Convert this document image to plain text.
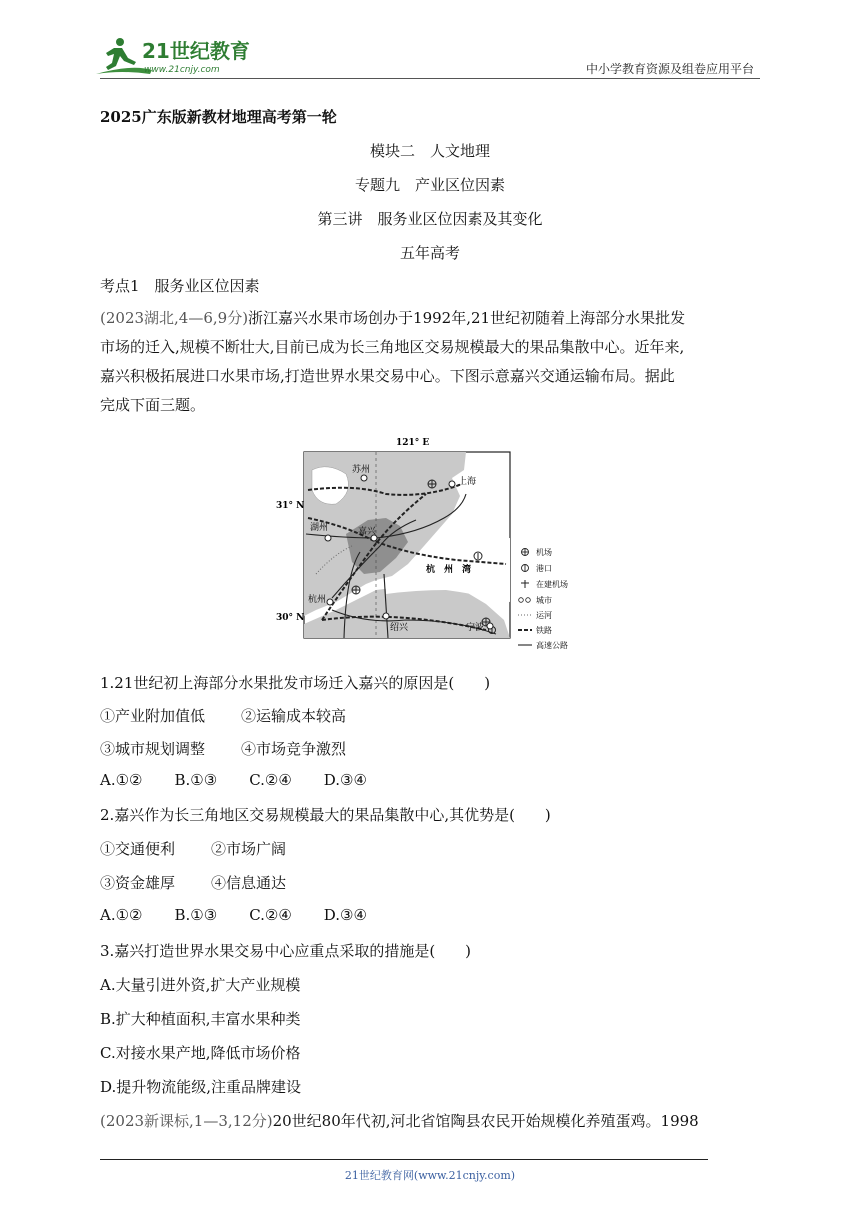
21世纪教育
www.21cnjy.com	中小学教育资源及组卷应用平台
2025广东版新教材地理高考第一轮
模块二　人文地理
专题九　产业区位因素
第三讲　服务业区位因素及其变化
五年高考
考点1　服务业区位因素
(2023湖北,4—6,9分)浙江嘉兴水果市场创办于1992年,21世纪初随着上海部分水果批发
市场的迁入,规模不断壮大,目前已成为长三角地区交易规模最大的果品集散中心。近年来,
嘉兴积极拓展进口水果市场,打造世界水果交易中心。下图示意嘉兴交通运输布局。据此
完成下面三题。
121° E
31° N
30° N
苏州
上海
湖州	嘉兴
杭州
绍兴	宁波
杭　州　湾
机场
港口
在建机场
城市
运河
铁路
高速公路
1.21世纪初上海部分水果批发市场迁入嘉兴的原因是(　　)
①产业附加值低 ②运输成本较高
③城市规划调整 ④市场竞争激烈
A.①② B.①③ C.②④ D.③④
2.嘉兴作为长三角地区交易规模最大的果品集散中心,其优势是(　　)
①交通便利 ②市场广阔
③资金雄厚 ④信息通达
A.①② B.①③ C.②④ D.③④
3.嘉兴打造世界水果交易中心应重点采取的措施是(　　)
A.大量引进外资,扩大产业规模
B.扩大种植面积,丰富水果种类
C.对接水果产地,降低市场价格
D.提升物流能级,注重品牌建设
(2023新课标,1—3,12分)20世纪80年代初,河北省馆陶县农民开始规模化养殖蛋鸡。1998
21世纪教育网(www.21cnjy.com)
